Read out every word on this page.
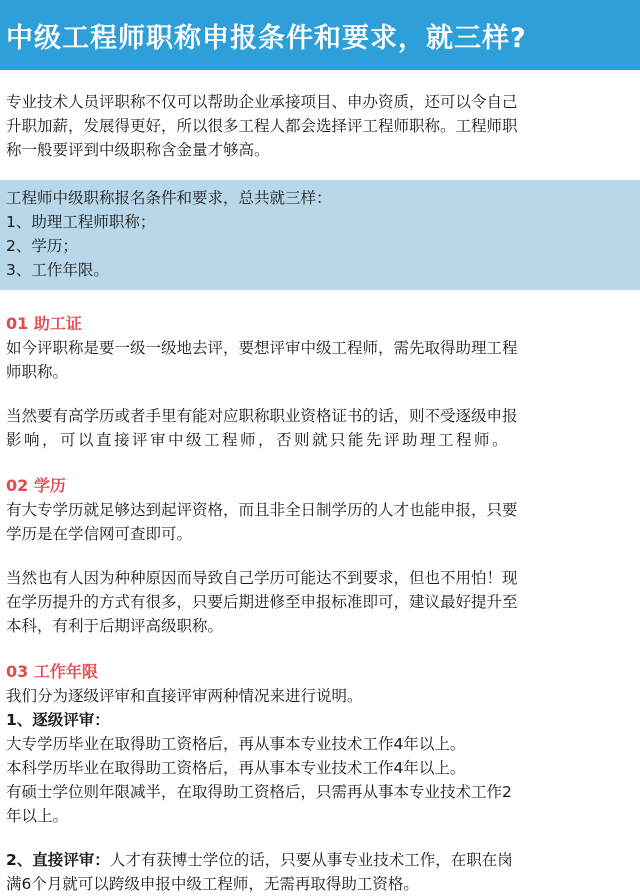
中级工程师职称申报条件和要求，就三样?

专业技术人员评职称不仅可以帮助企业承接项目、申办资质，还可以令自己

升职加薪，发展得更好，所以很多工程人都会选择评工程师职称。工程师职

称一般要评到中级职称含金量才够高。

工程师中级职称报名条件和要求，总共就三样：
1、助理工程师职称；
2、学历；
3、工作年限。
01 助工证

如今评职称是要一级一级地去评，要想评审中级工程师，需先取得助理工程

师职称。

当然要有高学历或者手里有能对应职称职业资格证书的话，则不受逐级申报

影响，可以直接评审中级工程师，否则就只能先评助理工程师。

02 学历

有大专学历就足够达到起评资格，而且非全日制学历的人才也能申报，只要

学历是在学信网可查即可。

当然也有人因为种种原因而导致自己学历可能达不到要求，但也不用怕！现

在学历提升的方式有很多，只要后期进修至申报标准即可，建议最好提升至

本科，有利于后期评高级职称。

03 工作年限

我们分为逐级评审和直接评审两种情况来进行说明。

1、逐级评审：

大专学历毕业在取得助工资格后，再从事本专业技术工作4年以上。

本科学历毕业在取得助工资格后，再从事本专业技术工作4年以上。

有硕士学位则年限减半，在取得助工资格后，只需再从事本专业技术工作2

年以上。

2、直接评审：人才有获博士学位的话，只要从事专业技术工作，在职在岗

满6个月就可以跨级申报中级工程师，无需再取得助工资格。
